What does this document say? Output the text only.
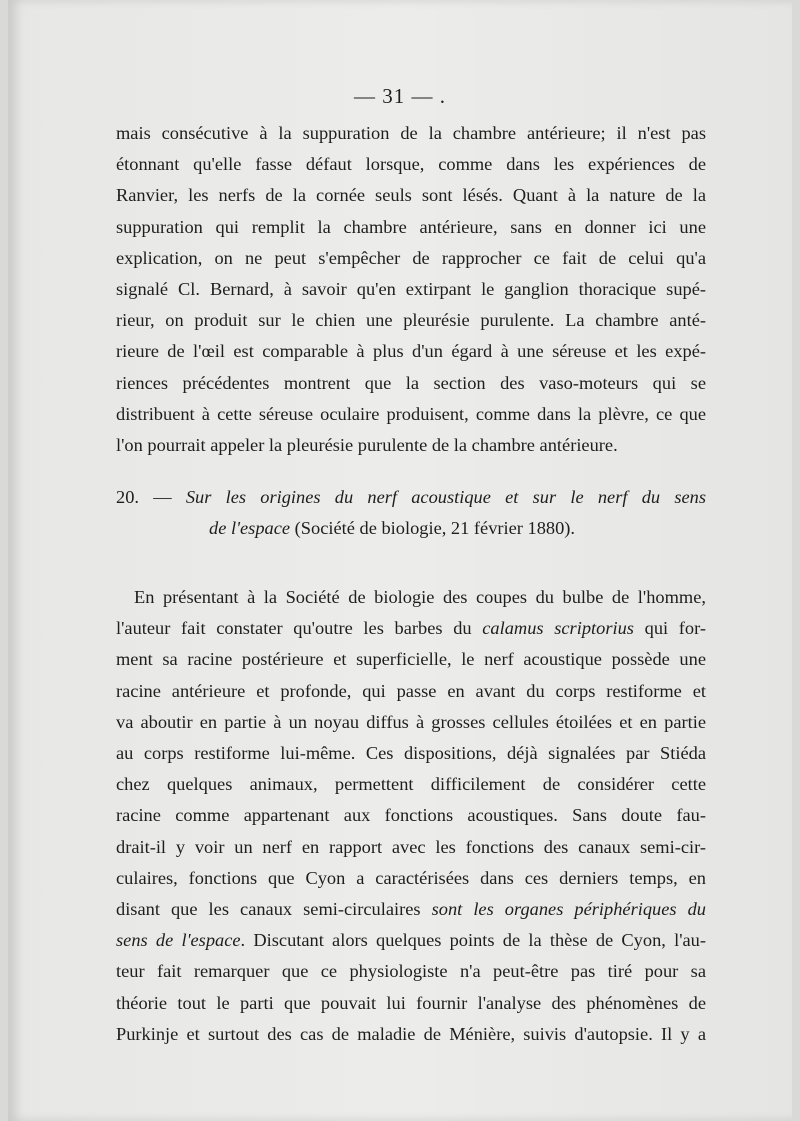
— 31 — .
mais consécutive à la suppuration de la chambre antérieure; il n'est pas
étonnant qu'elle fasse défaut lorsque, comme dans les expériences de
Ranvier, les nerfs de la cornée seuls sont lésés. Quant à la nature de la
suppuration qui remplit la chambre antérieure, sans en donner ici une
explication, on ne peut s'empêcher de rapprocher ce fait de celui qu'a
signalé Cl. Bernard, à savoir qu'en extirpant le ganglion thoracique supé-
rieur, on produit sur le chien une pleurésie purulente. La chambre anté-
rieure de l'œil est comparable à plus d'un égard à une séreuse et les expé-
riences précédentes montrent que la section des vaso-moteurs qui se
distribuent à cette séreuse oculaire produisent, comme dans la plèvre, ce que
l'on pourrait appeler la pleurésie purulente de la chambre antérieure.
20. — Sur les origines du nerf acoustique et sur le nerf du sens
de l'espace (Société de biologie, 21 février 1880).
En présentant à la Société de biologie des coupes du bulbe de l'homme,
l'auteur fait constater qu'outre les barbes du calamus scriptorius qui for-
ment sa racine postérieure et superficielle, le nerf acoustique possède une
racine antérieure et profonde, qui passe en avant du corps restiforme et
va aboutir en partie à un noyau diffus à grosses cellules étoilées et en partie
au corps restiforme lui-même. Ces dispositions, déjà signalées par Stiéda
chez quelques animaux, permettent difficilement de considérer cette
racine comme appartenant aux fonctions acoustiques. Sans doute fau-
drait-il y voir un nerf en rapport avec les fonctions des canaux semi-cir-
culaires, fonctions que Cyon a caractérisées dans ces derniers temps, en
disant que les canaux semi-circulaires sont les organes périphériques du
sens de l'espace. Discutant alors quelques points de la thèse de Cyon, l'au-
teur fait remarquer que ce physiologiste n'a peut-être pas tiré pour sa
théorie tout le parti que pouvait lui fournir l'analyse des phénomènes de
Purkinje et surtout des cas de maladie de Ménière, suivis d'autopsie. Il y a
